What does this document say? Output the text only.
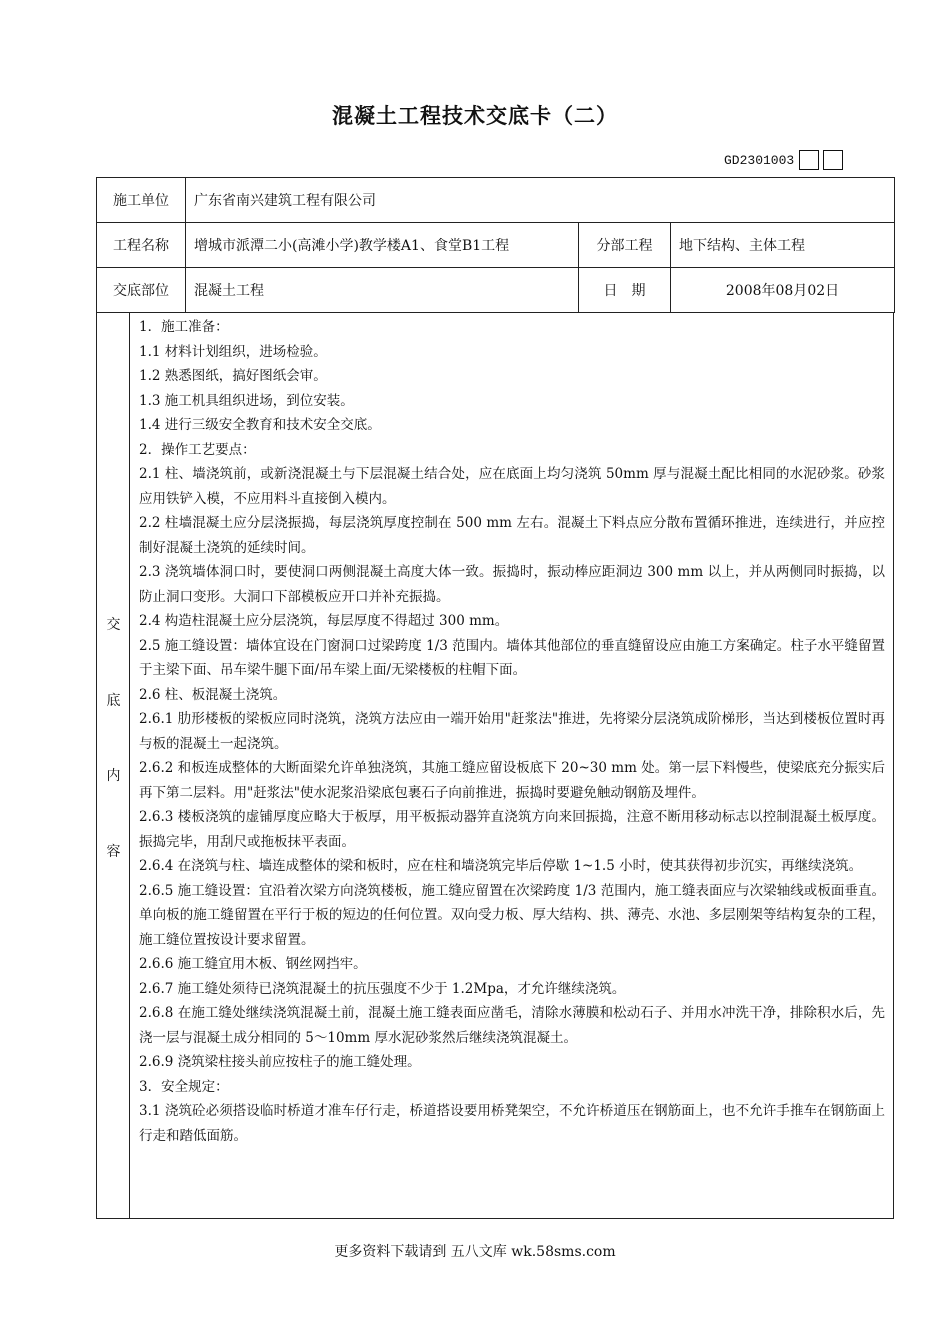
混凝土工程技术交底卡（二）
GD2301003
施工单位	广东省南兴建筑工程有限公司		
工程名称	增城市派潭二小(高滩小学)教学楼A1、食堂B1工程	分部工程	地下结构、主体工程
交底部位	混凝土工程	日　期	2008年08月02日
交
底
内
容

1．施工准备：

1.1 材料计划组织，进场检验。

1.2 熟悉图纸，搞好图纸会审。

1.3 施工机具组织进场，到位安装。

1.4 进行三级安全教育和技术安全交底。

2．操作工艺要点：

2.1 柱、墙浇筑前，或新浇混凝土与下层混凝土结合处，应在底面上均匀浇筑 50mm 厚与混凝土配比相同的水泥砂浆。砂浆应用铁铲入模，不应用料斗直接倒入模内。

2.2 柱墙混凝土应分层浇振捣，每层浇筑厚度控制在 500 mm 左右。混凝土下料点应分散布置循环推进，连续进行，并应控制好混凝土浇筑的延续时间。

2.3 浇筑墙体洞口时，要使洞口两侧混凝土高度大体一致。振捣时，振动棒应距洞边 300 mm 以上，并从两侧同时振捣，以防止洞口变形。大洞口下部模板应开口并补充振捣。

2.4 构造柱混凝土应分层浇筑，每层厚度不得超过 300 mm。

2.5 施工缝设置：墙体宜设在门窗洞口过梁跨度 1/3 范围内。墙体其他部位的垂直缝留设应由施工方案确定。柱子水平缝留置于主梁下面、吊车梁牛腿下面/吊车梁上面/无梁楼板的柱帽下面。

2.6 柱、板混凝土浇筑。

2.6.1 肋形楼板的梁板应同时浇筑，浇筑方法应由一端开始用"赶浆法"推进，先将梁分层浇筑成阶梯形，当达到楼板位置时再与板的混凝土一起浇筑。

2.6.2 和板连成整体的大断面梁允许单独浇筑，其施工缝应留设板底下 20~30 mm 处。第一层下料慢些，使梁底充分振实后再下第二层料。用"赶浆法"使水泥浆沿梁底包裹石子向前推进，振捣时要避免触动钢筋及埋件。

2.6.3 楼板浇筑的虚铺厚度应略大于板厚，用平板振动器笄直浇筑方向来回振捣，注意不断用移动标志以控制混凝土板厚度。振捣完毕，用刮尺或拖板抹平表面。

2.6.4 在浇筑与柱、墙连成整体的梁和板时，应在柱和墙浇筑完毕后停歇 1~1.5 小时，使其获得初步沉实，再继续浇筑。

2.6.5 施工缝设置：宜沿着次梁方向浇筑楼板，施工缝应留置在次梁跨度 1/3 范围内，施工缝表面应与次梁轴线或板面垂直。单向板的施工缝留置在平行于板的短边的任何位置。双向受力板、厚大结构、拱、薄壳、水池、多层刚架等结构复杂的工程，施工缝位置按设计要求留置。

2.6.6 施工缝宜用木板、钢丝网挡牢。

2.6.7 施工缝处须待已浇筑混凝土的抗压强度不少于 1.2Mpa，才允许继续浇筑。

2.6.8 在施工缝处继续浇筑混凝土前，混凝土施工缝表面应凿毛，清除水薄膜和松动石子、并用水冲洗干净，排除积水后，先浇一层与混凝土成分相同的 5～10mm 厚水泥砂浆然后继续浇筑混凝土。

2.6.9 浇筑梁柱接头前应按柱子的施工缝处理。

3．安全规定：

3.1 浇筑砼必须搭设临时桥道才准车仔行走，桥道搭设要用桥凳架空，不允许桥道压在钢筋面上，也不允许手推车在钢筋面上行走和踏低面筋。

更多资料下载请到 五八文库 wk.58sms.com
